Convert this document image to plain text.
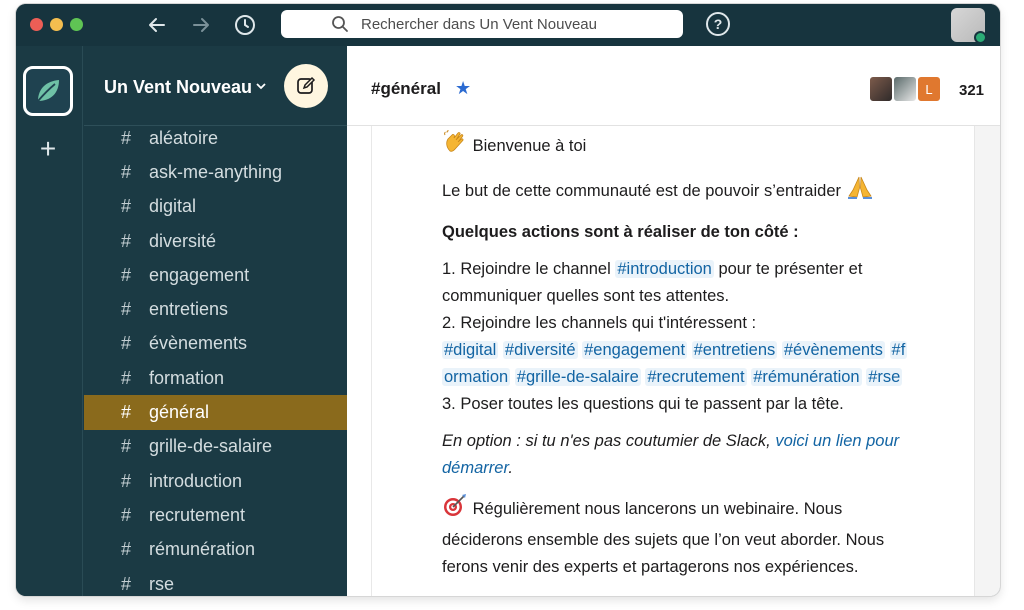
Rechercher dans Un Vent Nouveau	?
+
Un Vent Nouveau
# aléatoire
# ask-me-anything
# digital
# diversité
# engagement
# entretiens
# évènements
# formation
# général
# grille-de-salaire
# introduction
# recrutement
# rémunération
# rse
#général ★	L	321
Bienvenue à toi
Le but de cette communauté est de pouvoir s’entraider
Quelques actions sont à réaliser de ton côté :
1. Rejoindre le channel #introduction pour te présenter et
communiquer quelles sont tes attentes.
2. Rejoindre les channels qui t'intéressent :
#digital #diversité #engagement #entretiens #évènements #f
ormation #grille-de-salaire #recrutement #rémunération #rse
3. Poser toutes les questions qui te passent par la tête.
En option : si tu n'es pas coutumier de Slack, voici un lien pour
démarrer.
Régulièrement nous lancerons un webinaire. Nous
déciderons ensemble des sujets que l’on veut aborder. Nous
ferons venir des experts et partagerons nos expériences.
